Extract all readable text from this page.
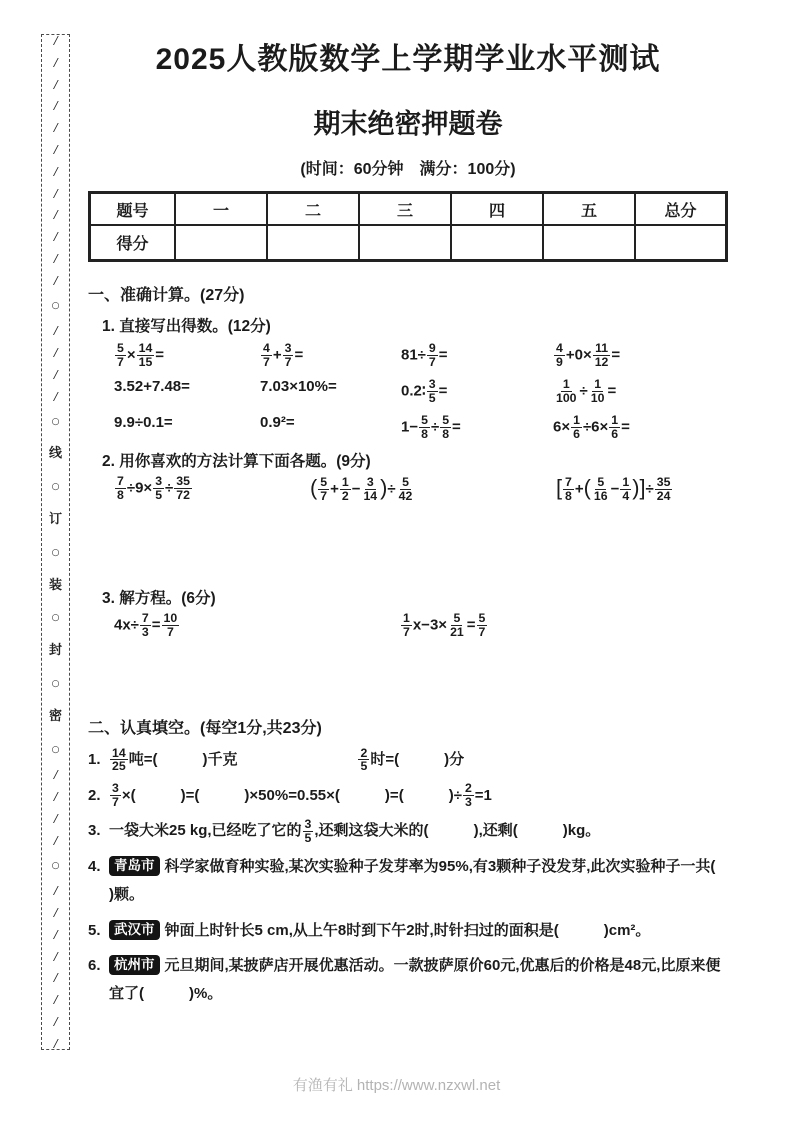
/
/
/
/
/
/
/
/
/
/
/
/
○
/
/
/
/
○
线
○
订
○
装
○
封
○
密
○
/
/
/
/
○
/
/
/
/
/
/
/
/
2025人教版数学上学期学业水平测试
期末绝密押题卷
(时间：60分钟　满分：100分)
题号	一	二	三	四	五	总分
得分
一、准确计算。(27分)
1. 直接写出得数。(12分)
$\frac{5}{7} \times \frac{14}{15}$ =	$\frac{4}{7} + \frac{3}{7}$ =	$81\div \frac{9}{7}$ =	$\frac{4}{9} +0\times \frac{11}{12}$ =
3.52+7.48=	7.03×10%=	0.2∶ $\frac{3}{5}$ =	$\frac{1}{100} \div \frac{1}{10}$ =
9.9÷0.1=	0.9²=	$1- \frac{5}{8} \div \frac{5}{8}$ =	$6\times \frac{1}{6} \div 6\times \frac{1}{6}$ =
2. 用你喜欢的方法计算下面各题。(9分)
$\frac{7}{8} \div 9\times \frac{3}{5} \div \frac{35}{72}$	( $\frac{5}{7} + \frac{1}{2} - \frac{3}{14}$ )÷ $\frac{5}{42}$	[ $\frac{7}{8}$ +( $\frac{5}{16} - \frac{1}{4}$ )]÷ $\frac{35}{24}$
3. 解方程。(6分)
$4x\div \frac{7}{3} = \frac{10}{7}$	$\frac{1}{7} x-3\times \frac{5}{21} = \frac{5}{7}$
二、认真填空。(每空1分,共23分)
1. $\frac{14}{25}$ 吨=(　　　	)千克　　　　　　　　 $\frac{2}{5}$ 时=(　　　	)分
2. $\frac{3}{7}$ ×(　　　	)=(　　　	)×50%=0.55×(　　　	)=(　　　	)÷ $\frac{2}{3} =1$
3. 一袋大米25 kg,已经吃了它的 $\frac{3}{5}$ ,还剩这袋大米的(　　　	),还剩(　　　	)kg。
4. 青岛市 科学家做育种实验,某次实验种子发芽率为95%,有3颗种子没发芽,此次实验种子一共(　　　)颗。
5. 武汉市 钟面上时针长5 cm,从上午8时到下午2时,时针扫过的面积是(　　　	)cm²。
6. 杭州市 元旦期间,某披萨店开展优惠活动。一款披萨原价60元,优惠后的价格是48元,比原来便宜了(　　　	)%。
有渔有礼 https://www.nzxwl.net
